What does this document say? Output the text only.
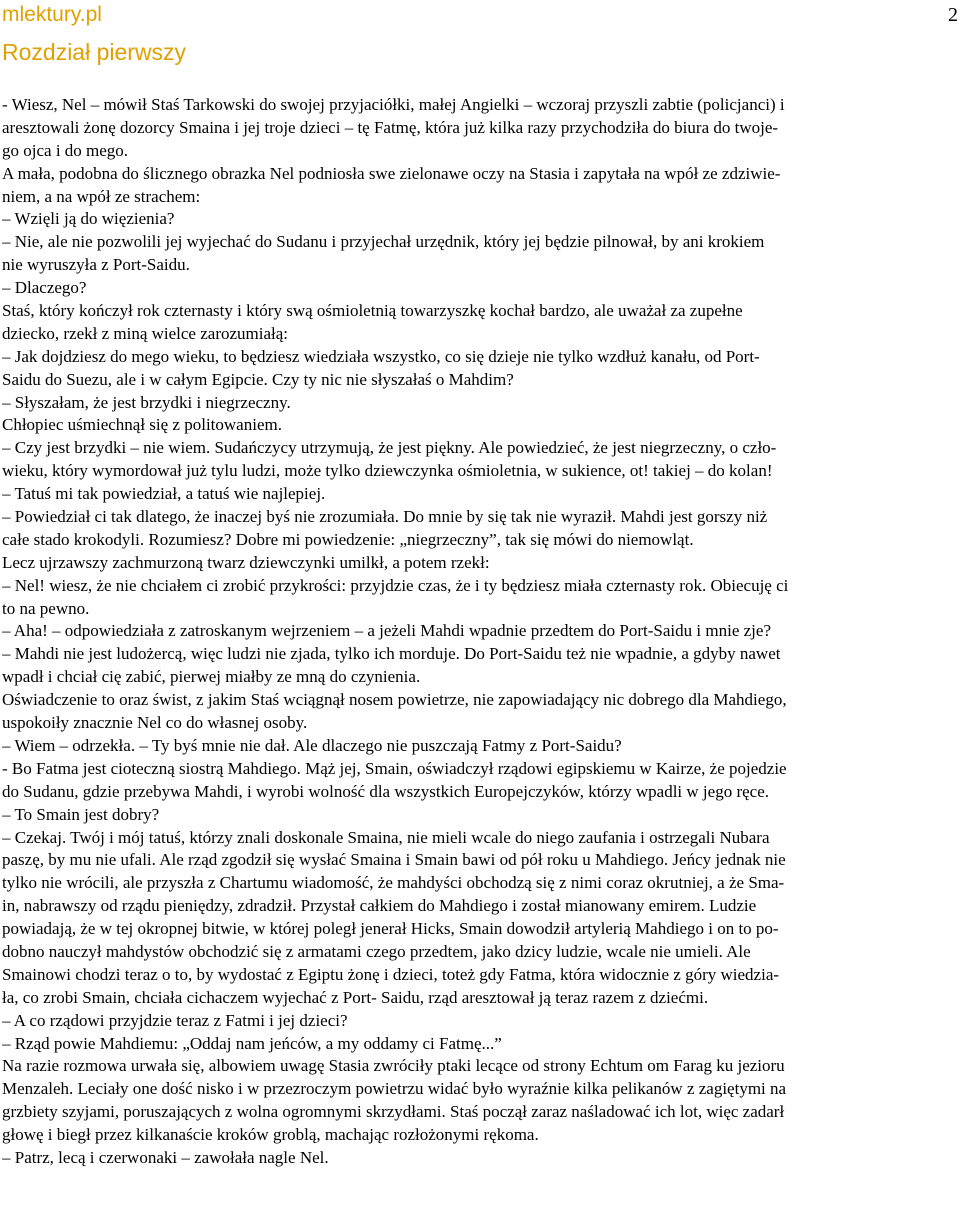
mlektury.pl	2
Rozdział pierwszy
- Wiesz, Nel – mówił Staś Tarkowski do swojej przyjaciółki, małej Angielki – wczoraj przyszli zabtie (policjanci) i
aresztowali żonę dozorcy Smaina i jej troje dzieci – tę Fatmę, która już kilka razy przychodziła do biura do twoje-
go ojca i do mego.
A mała, podobna do ślicznego obrazka Nel podniosła swe zielonawe oczy na Stasia i zapytała na wpół ze zdziwie-
niem, a na wpół ze strachem:
– Wzięli ją do więzienia?
– Nie, ale nie pozwolili jej wyjechać do Sudanu i przyjechał urzędnik, który jej będzie pilnował, by ani krokiem
nie wyruszyła z Port-Saidu.
– Dlaczego?
Staś, który kończył rok czternasty i który swą ośmioletnią towarzyszkę kochał bardzo, ale uważał za zupełne
dziecko, rzekł z miną wielce zarozumiałą:
– Jak dojdziesz do mego wieku, to będziesz wiedziała wszystko, co się dzieje nie tylko wzdłuż kanału, od Port-
Saidu do Suezu, ale i w całym Egipcie. Czy ty nic nie słyszałaś o Mahdim?
– Słyszałam, że jest brzydki i niegrzeczny.
Chłopiec uśmiechnął się z politowaniem.
– Czy jest brzydki – nie wiem. Sudańczycy utrzymują, że jest piękny. Ale powiedzieć, że jest niegrzeczny, o czło-
wieku, który wymordował już tylu ludzi, może tylko dziewczynka ośmioletnia, w sukience, ot! takiej – do kolan!
– Tatuś mi tak powiedział, a tatuś wie najlepiej.
– Powiedział ci tak dlatego, że inaczej byś nie zrozumiała. Do mnie by się tak nie wyraził. Mahdi jest gorszy niż
całe stado krokodyli. Rozumiesz? Dobre mi powiedzenie: „niegrzeczny”, tak się mówi do niemowląt.
Lecz ujrzawszy zachmurzoną twarz dziewczynki umilkł, a potem rzekł:
– Nel! wiesz, że nie chciałem ci zrobić przykrości: przyjdzie czas, że i ty będziesz miała czternasty rok. Obiecuję ci
to na pewno.
– Aha! – odpowiedziała z zatroskanym wejrzeniem – a jeżeli Mahdi wpadnie przedtem do Port-Saidu i mnie zje?
– Mahdi nie jest ludożercą, więc ludzi nie zjada, tylko ich morduje. Do Port-Saidu też nie wpadnie, a gdyby nawet
wpadł i chciał cię zabić, pierwej miałby ze mną do czynienia.
Oświadczenie to oraz świst, z jakim Staś wciągnął nosem powietrze, nie zapowiadający nic dobrego dla Mahdiego,
uspokoiły znacznie Nel co do własnej osoby.
– Wiem – odrzekła. – Ty byś mnie nie dał. Ale dlaczego nie puszczają Fatmy z Port-Saidu?
- Bo Fatma jest cioteczną siostrą Mahdiego. Mąż jej, Smain, oświadczył rządowi egipskiemu w Kairze, że pojedzie
do Sudanu, gdzie przebywa Mahdi, i wyrobi wolność dla wszystkich Europejczyków, którzy wpadli w jego ręce.
– To Smain jest dobry?
– Czekaj. Twój i mój tatuś, którzy znali doskonale Smaina, nie mieli wcale do niego zaufania i ostrzegali Nubara
paszę, by mu nie ufali. Ale rząd zgodził się wysłać Smaina i Smain bawi od pół roku u Mahdiego. Jeńcy jednak nie
tylko nie wrócili, ale przyszła z Chartumu wiadomość, że mahdyści obchodzą się z nimi coraz okrutniej, a że Sma-
in, nabrawszy od rządu pieniędzy, zdradził. Przystał całkiem do Mahdiego i został mianowany emirem. Ludzie
powiadają, że w tej okropnej bitwie, w której poległ jenerał Hicks, Smain dowodził artylerią Mahdiego i on to po-
dobno nauczył mahdystów obchodzić się z armatami czego przedtem, jako dzicy ludzie, wcale nie umieli. Ale
Smainowi chodzi teraz o to, by wydostać z Egiptu żonę i dzieci, toteż gdy Fatma, która widocznie z góry wiedzia-
ła, co zrobi Smain, chciała cichaczem wyjechać z Port- Saidu, rząd aresztował ją teraz razem z dziećmi.
– A co rządowi przyjdzie teraz z Fatmi i jej dzieci?
– Rząd powie Mahdiemu: „Oddaj nam jeńców, a my oddamy ci Fatmę...”
Na razie rozmowa urwała się, albowiem uwagę Stasia zwróciły ptaki lecące od strony Echtum om Farag ku jezioru
Menzaleh. Leciały one dość nisko i w przezroczym powietrzu widać było wyraźnie kilka pelikanów z zagiętymi na
grzbiety szyjami, poruszających z wolna ogromnymi skrzydłami. Staś począł zaraz naśladować ich lot, więc zadarł
głowę i biegł przez kilkanaście kroków groblą, machając rozłożonymi rękoma.
– Patrz, lecą i czerwonaki – zawołała nagle Nel.
